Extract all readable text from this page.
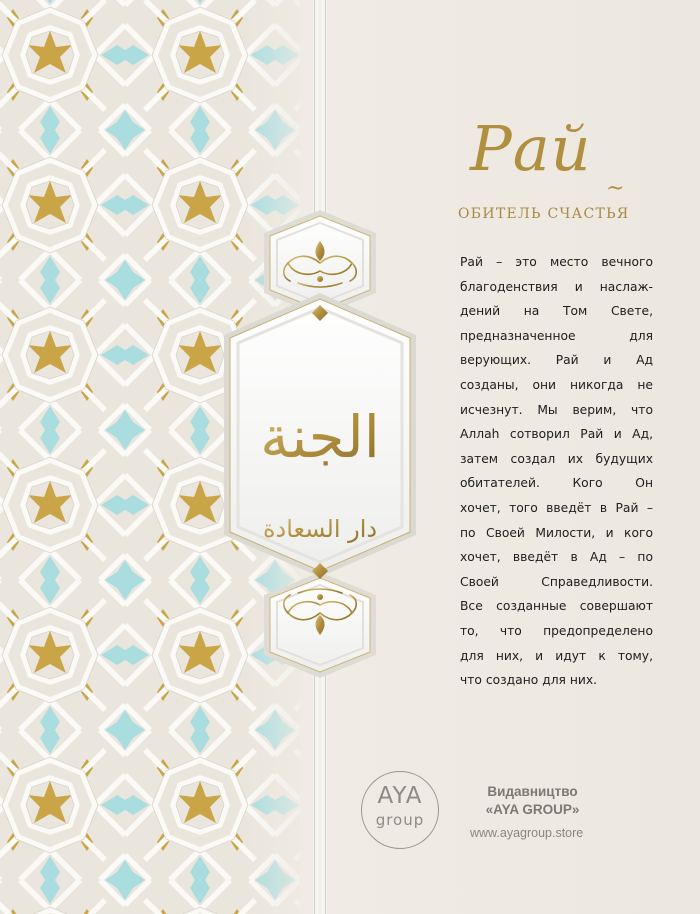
الجنة
دار السعادة
Рай
~
ОБИТЕЛЬ СЧАСТЬЯ
Рай – это место вечного
благоденствия и наслаж-
дений на Том Свете,
предназначенное для
верующих. Рай и Ад
созданы, они никогда не
исчезнут. Мы верим, что
Аллаh сотворил Рай и Ад,
затем создал их будущих
обитателей. Кого Он
хочет, того введёт в Рай –
по Своей Милости, и кого
хочет, введёт в Ад – по
Своей Справедливости.
Все созданные совершают
то, что предопределено
для них, и идут к тому,
что создано для них.
AYA
group
Видавництво
«AYA GROUP»
www.ayagroup.store
